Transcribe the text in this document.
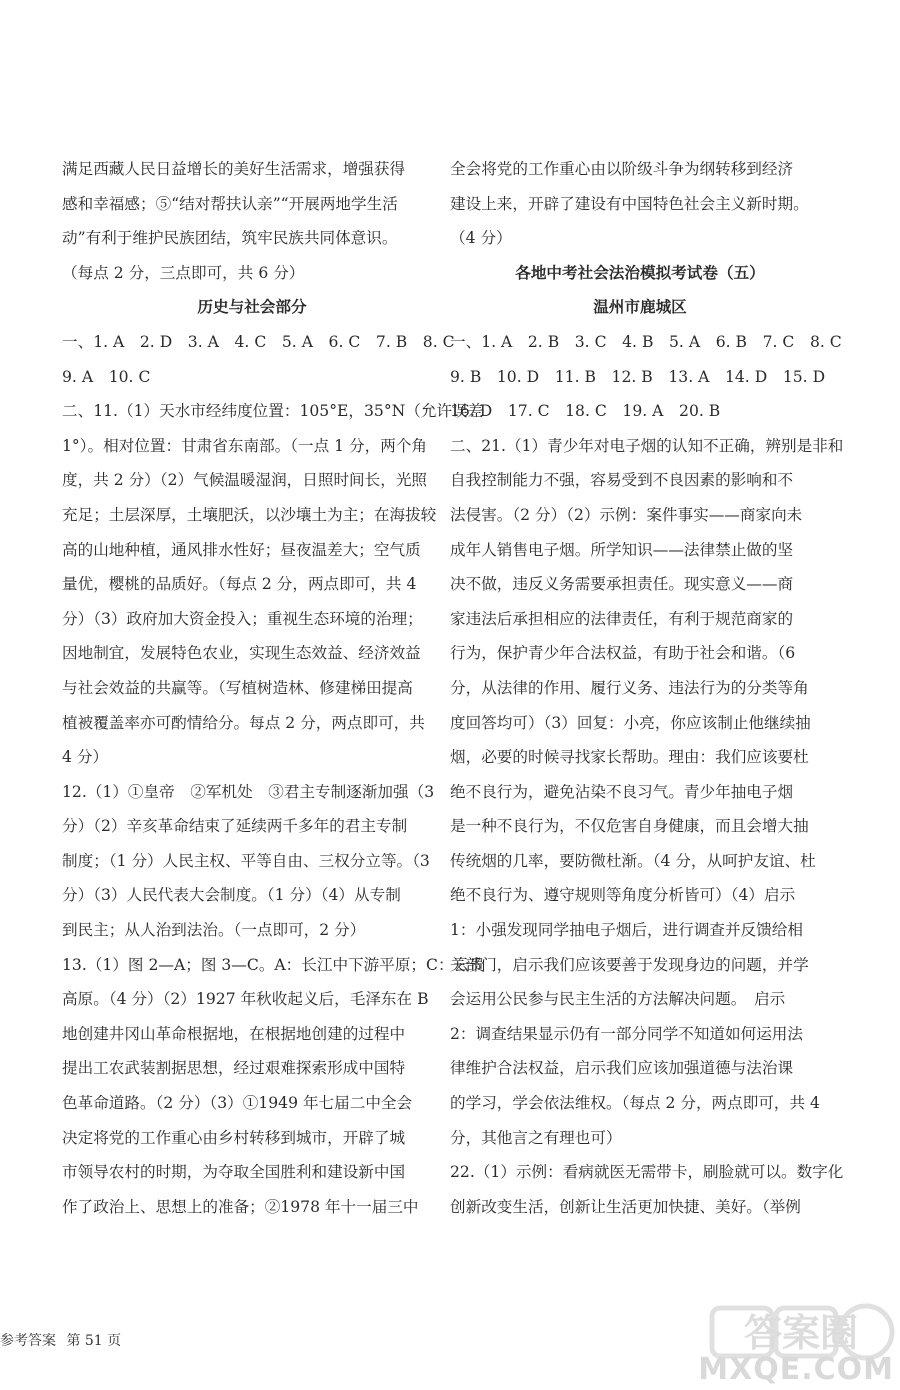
满足西藏人民日益增长的美好生活需求，增强获得
感和幸福感；⑤“结对帮扶认亲”“开展两地学生活
动”有利于维护民族团结，筑牢民族共同体意识。
（每点 2 分，三点即可，共 6 分）
历史与社会部分
一、1. A　2. D　3. A　4. C　5. A　6. C　7. B　8. C
9. A　10. C
二、11.（1）天水市经纬度位置：105°E，35°N（允许误差
1°）。相对位置：甘肃省东南部。（一点 1 分，两个角
度，共 2 分）（2）气候温暖湿润，日照时间长，光照
充足；土层深厚，土壤肥沃，以沙壤土为主；在海拔较
高的山地种植，通风排水性好；昼夜温差大；空气质
量优，樱桃的品质好。（每点 2 分，两点即可，共 4
分）（3）政府加大资金投入；重视生态环境的治理；
因地制宜，发展特色农业，实现生态效益、经济效益
与社会效益的共赢等。（写植树造林、修建梯田提高
植被覆盖率亦可酌情给分。每点 2 分，两点即可，共
4 分）
12.（1）①皇帝　②军机处　③君主专制逐渐加强（3
分）（2）辛亥革命结束了延续两千多年的君主专制
制度；（1 分）人民主权、平等自由、三权分立等。（3
分）（3）人民代表大会制度。（1 分）（4）从专制
到民主；从人治到法治。（一点即可，2 分）
13.（1）图 2—A；图 3—C。A：长江中下游平原；C：云贵
高原。（4 分）（2）1927 年秋收起义后，毛泽东在 B
地创建井冈山革命根据地，在根据地创建的过程中
提出工农武装割据思想，经过艰难探索形成中国特
色革命道路。（2 分）（3）①1949 年七届二中全会
决定将党的工作重心由乡村转移到城市，开辟了城
市领导农村的时期，为夺取全国胜利和建设新中国
作了政治上、思想上的准备；②1978 年十一届三中
全会将党的工作重心由以阶级斗争为纲转移到经济
建设上来，开辟了建设有中国特色社会主义新时期。
（4 分）
各地中考社会法治模拟考试卷（五）
温州市鹿城区
一、1. A　2. B　3. C　4. B　5. A　6. B　7. C　8. C
9. B　10. D　11. B　12. B　13. A　14. D　15. D
16. D　17. C　18. C　19. A　20. B
二、21.（1）青少年对电子烟的认知不正确，辨别是非和
自我控制能力不强，容易受到不良因素的影响和不
法侵害。（2 分）（2）示例：案件事实——商家向未
成年人销售电子烟。所学知识——法律禁止做的坚
决不做，违反义务需要承担责任。现实意义——商
家违法后承担相应的法律责任，有利于规范商家的
行为，保护青少年合法权益，有助于社会和谐。（6
分，从法律的作用、履行义务、违法行为的分类等角
度回答均可）（3）回复：小亮，你应该制止他继续抽
烟，必要的时候寻找家长帮助。理由：我们应该要杜
绝不良行为，避免沾染不良习气。青少年抽电子烟
是一种不良行为，不仅危害自身健康，而且会增大抽
传统烟的几率，要防微杜渐。（4 分，从呵护友谊、杜
绝不良行为、遵守规则等角度分析皆可）（4）启示
1：小强发现同学抽电子烟后，进行调查并反馈给相
关部门，启示我们应该要善于发现身边的问题，并学
会运用公民参与民主生活的方法解决问题。　启示
2：调查结果显示仍有一部分同学不知道如何运用法
律维护合法权益，启示我们应该加强道德与法治课
的学习，学会依法维权。（每点 2 分，两点即可，共 4
分，其他言之有理也可）
22.（1）示例：看病就医无需带卡，刷脸就可以。数字化
创新改变生活，创新让生活更加快捷、美好。（举例
参考答案 第 51 页	答案圈
MXQE.COM
